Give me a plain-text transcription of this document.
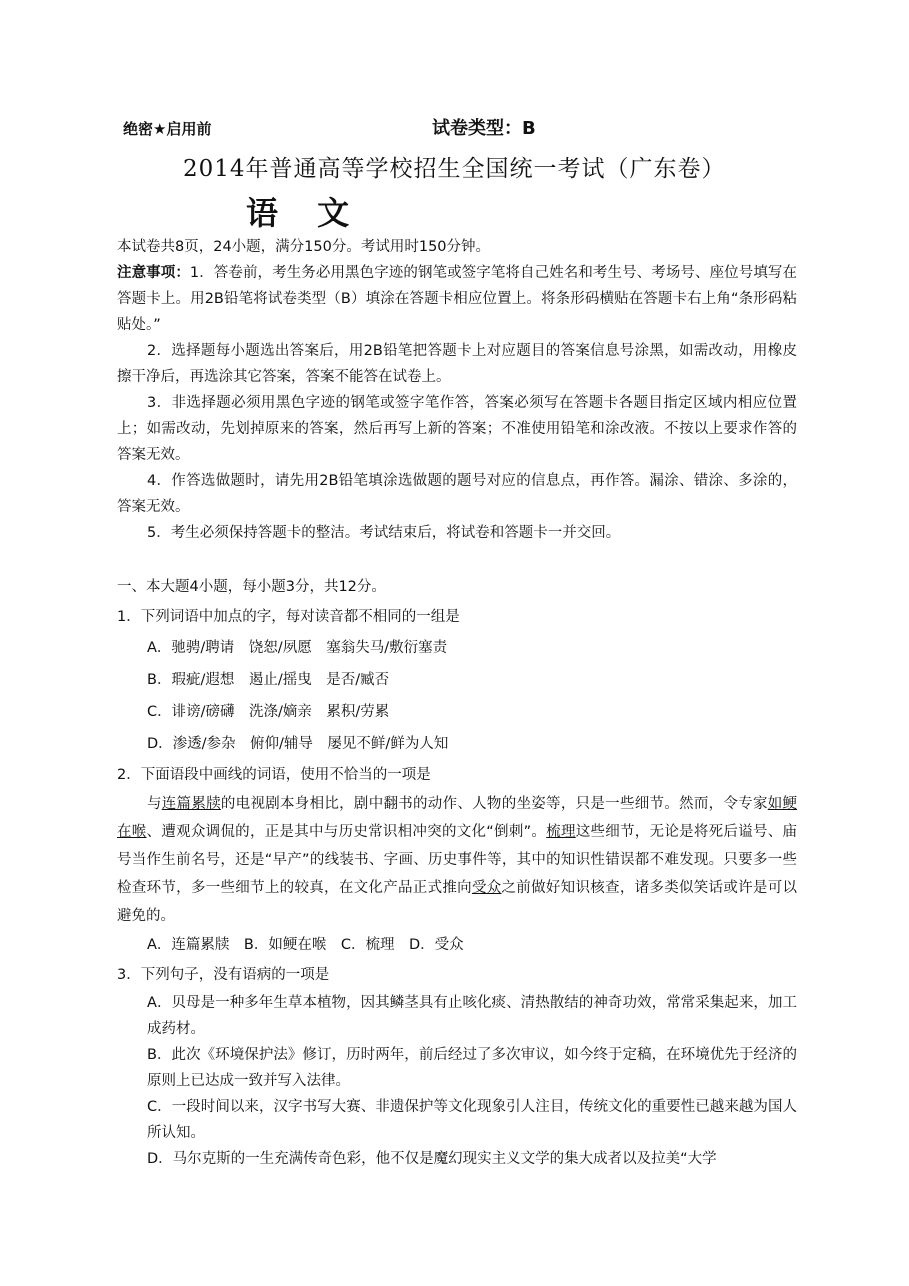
绝密★启用前	试卷类型：B
2014年普通高等学校招生全国统一考试（广东卷）
语 文

本试卷共8页，24小题，满分150分。考试用时150分钟。

注意事项：1．答卷前，考生务必用黑色字迹的钢笔或签字笔将自己姓名和考生号、考场号、座位号填写在答题卡上。用2B铅笔将试卷类型（B）填涂在答题卡相应位置上。将条形码横贴在答题卡右上角“条形码粘贴处。”

2．选择题每小题选出答案后，用2B铅笔把答题卡上对应题目的答案信息号涂黑，如需改动，用橡皮擦干净后，再选涂其它答案，答案不能答在试卷上。

3．非选择题必须用黑色字迹的钢笔或签字笔作答，答案必须写在答题卡各题目指定区域内相应位置上；如需改动，先划掉原来的答案，然后再写上新的答案；不准使用铅笔和涂改液。不按以上要求作答的答案无效。

4．作答选做题时，请先用2B铅笔填涂选做题的题号对应的信息点，再作答。漏涂、错涂、多涂的，答案无效。

5．考生必须保持答题卡的整洁。考试结束后，将试卷和答题卡一并交回。

一、本大题4小题，每小题3分，共12分。

1．下列词语中加点的字，每对读音都不相同的一组是

A．驰骋/聘请　饶恕/夙愿　塞翁失马/敷衍塞责

B．瑕疵/遐想　遏止/摇曳　是否/臧否

C．诽谤/磅礴　洗涤/嫡亲　累积/劳累

D．渗透/参杂　俯仰/辅导　屡见不鲜/鲜为人知

2．下面语段中画线的词语，使用不恰当的一项是

与连篇累牍的电视剧本身相比，剧中翻书的动作、人物的坐姿等，只是一些细节。然而，令专家如鲠在喉、遭观众调侃的，正是其中与历史常识相冲突的文化“倒刺”。梳理这些细节，无论是将死后谥号、庙号当作生前名号，还是“早产”的线装书、字画、历史事件等，其中的知识性错误都不难发现。只要多一些检查环节，多一些细节上的较真，在文化产品正式推向受众之前做好知识核查，诸多类似笑话或许是可以避免的。

A．连篇累牍　B．如鲠在喉　C．梳理　D．受众

3．下列句子，没有语病的一项是

A．贝母是一种多年生草本植物，因其鳞茎具有止咳化痰、清热散结的神奇功效，常常采集起来，加工成药材。

B．此次《环境保护法》修订，历时两年，前后经过了多次审议，如今终于定稿，在环境优先于经济的原则上已达成一致并写入法律。

C．一段时间以来，汉字书写大赛、非遗保护等文化现象引人注目，传统文化的重要性已越来越为国人所认知。

D．马尔克斯的一生充满传奇色彩，他不仅是魔幻现实主义文学的集大成者以及拉美“大学
